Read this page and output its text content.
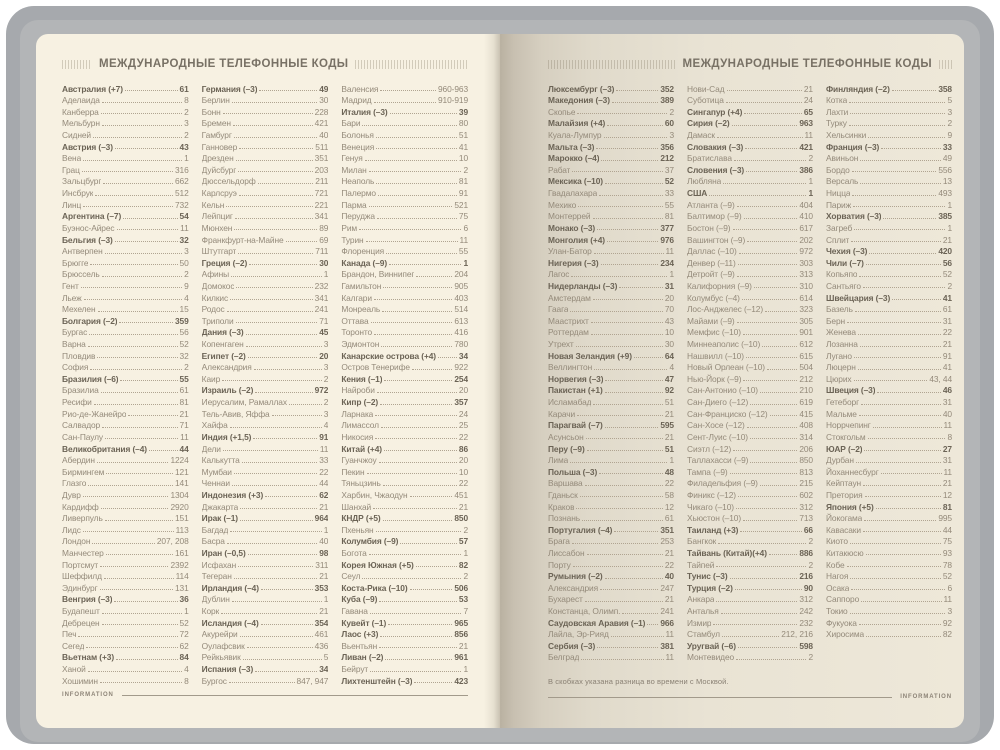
МЕЖДУНАРОДНЫЕ ТЕЛЕФОННЫЕ КОДЫ
Австралия (+7)	61
Аделаида	8
Канберра	2
Мельбурн	3
Сидней	2
Австрия (–3)	43
Вена	1
Грац	316
Зальцбург	662
Инсбрук	512
Линц	732
Аргентина (–7)	54
Буэнос-Айрес	11
Бельгия (–3)	32
Антверпен	3
Брюгге	50
Брюссель	2
Гент	9
Льеж	4
Мехелен	15
Болгария (–2)	359
Бургас	56
Варна	52
Пловдив	32
София	2
Бразилия (–6)	55
Бразилиа	61
Ресифи	81
Рио-де-Жанейро	21
Салвадор	71
Сан-Паулу	11
Великобритания (–4)	44
Абердин	1224
Бирмингем	121
Глазго	141
Дувр	1304
Кардифф	2920
Ливерпуль	151
Лидс	113
Лондон	207, 208
Манчестер	161
Портсмут	2392
Шеффилд	114
Эдинбург	131
Венгрия (–3)	36
Будапешт	1
Дебрецен	52
Печ	72
Сегед	62
Вьетнам (+3)	84
Ханой	4
Хошимин	8
Германия (–3)	49
Берлин	30
Бонн	228
Бремен	421
Гамбург	40
Ганновер	511
Дрезден	351
Дуйсбург	203
Дюссельдорф	211
Карлсруэ	721
Кельн	221
Лейпциг	341
Мюнхен	89
Франкфурт-на-Майне	69
Штутгарт	711
Греция (–2)	30
Афины	1
Домокос	232
Килкис	341
Родос	241
Триполи	71
Дания (–3)	45
Копенгаген	3
Египет (–2)	20
Александрия	3
Каир	2
Израиль (–2)	972
Иерусалим, Рамаллах	2
Тель-Авив, Яффа	3
Хайфа	4
Индия (+1,5)	91
Дели	11
Калькутта	33
Мумбаи	22
Ченнаи	44
Индонезия (+3)	62
Джакарта	21
Ирак (–1)	964
Багдад	1
Басра	40
Иран (–0,5)	98
Исфахан	311
Тегеран	21
Ирландия (–4)	353
Дублин	1
Корк	21
Исландия (–4)	354
Акурейри	461
Оулафсвик	436
Рейкьявик	5
Испания (–3)	34
Бургос	847, 947
Валенсия	960-963
Мадрид	910-919
Италия (–3)	39
Бари	80
Болонья	51
Венеция	41
Генуя	10
Милан	2
Неаполь	81
Палермо	91
Парма	521
Перуджа	75
Рим	6
Турин	11
Флоренция	55
Канада (–9)	1
Брандон, Виннипег	204
Гамильтон	905
Калгари	403
Монреаль	514
Оттава	613
Торонто	416
Эдмонтон	780
Канарские острова (+4)	34
Остров Тенерифе	922
Кения (–1)	254
Найроби	20
Кипр (–2)	357
Ларнака	24
Лимассол	25
Никосия	22
Китай (+4)	86
Гуанчжоу	20
Пекин	10
Тяньцзинь	22
Харбин, Чжаодун	451
Шанхай	21
КНДР (+5)	850
Пхеньян	2
Колумбия (–9)	57
Богота	1
Корея Южная (+5)	82
Сеул	2
Коста-Рика (–10)	506
Куба (–9)	53
Гавана	7
Кувейт (–1)	965
Лаос (+3)	856
Вьентьян	21
Ливан (–2)	961
Бейрут	1
Лихтенштейн (–3)	423
INFORMATION
МЕЖДУНАРОДНЫЕ ТЕЛЕФОННЫЕ КОДЫ
Люксембург (–3)	352
Македония (–3)	389
Скопье	2
Малайзия (+4)	60
Куала-Лумпур	3
Мальта (–3)	356
Марокко (–4)	212
Рабат	37
Мексика (–10)	52
Гвадалахара	33
Мехико	55
Монтеррей	81
Монако (–3)	377
Монголия (+4)	976
Улан-Батор	11
Нигерия (–3)	234
Лагос	1
Нидерланды (–3)	31
Амстердам	20
Гаага	70
Маастрихт	43
Роттердам	10
Утрехт	30
Новая Зеландия (+9)	64
Веллингтон	4
Норвегия (–3)	47
Пакистан (+1)	92
Исламабад	51
Карачи	21
Парагвай (–7)	595
Асунсьон	21
Перу (–9)	51
Лима	1
Польша (–3)	48
Варшава	22
Гданьск	58
Краков	12
Познань	61
Португалия (–4)	351
Брага	253
Лиссабон	21
Порту	22
Румыния (–2)	40
Александрия	247
Бухарест	21
Констанца, Олимп.	241
Саудовская Аравия (–1) 966
Лайла, Эр-Рияд	11
Сербия (–3)	381
Белград	11
Нови-Сад	21
Суботица	24
Сингапур (+4)	65
Сирия (–2)	963
Дамаск	11
Словакия (–3)	421
Братислава	2
Словения (–3)	386
Любляна	1
США	1
Атланта (–9)	404
Балтимор (–9)	410
Бостон (–9)	617
Вашингтон (–9)	202
Даллас (–10)	972
Денвер (–11)	303
Детройт (–9)	313
Калифорния (–9)	310
Колумбус (–4)	614
Лос-Анджелес (–12)	323
Майами (–9)	305
Мемфис (–10)	901
Миннеаполис (–10)	612
Нашвилл (–10)	615
Новый Орлеан (–10)	504
Нью-Йорк (–9)	212
Сан-Антонио (–10)	210
Сан-Диего (–12)	619
Сан-Франциско (–12)	415
Сан-Хосе (–12)	408
Сент-Луис (–10)	314
Сиэтл (–12)	206
Таллахасси (–9)	850
Тампа (–9)	813
Филадельфия (–9)	215
Финикс (–12)	602
Чикаго (–10)	312
Хьюстон (–10)	713
Таиланд (+3)	66
Бангкок	2
Тайвань (Китай)(+4)	886
Тайпей	2
Тунис (–3)	216
Турция (–2)	90
Анкара	312
Анталья	242
Измир	232
Стамбул	212, 216
Уругвай (–6)	598
Монтевидео	2
Финляндия (–2)	358
Котка	5
Лахти	3
Турку	2
Хельсинки	9
Франция (–3)	33
Авиньон	49
Бордо	556
Версаль	13
Ницца	493
Париж	1
Хорватия (–3)	385
Загреб	1
Сплит	21
Чехия (–3)	420
Чили (–7)	56
Копьяпо	52
Сантьяго	2
Швейцария (–3)	41
Базель	61
Берн	31
Женева	22
Лозанна	21
Лугано	91
Люцерн	41
Цюрих	43, 44
Швеция (–3)	46
Гетеборг	31
Мальме	40
Норрчепинг	11
Стокгольм	8
ЮАР (–2)	27
Дурбан	31
Йоханнесбург	11
Кейптаун	21
Претория	12
Япония (+5)	81
Йокогама	995
Кавасаки	44
Киото	75
Китакюсю	93
Кобе	78
Нагоя	52
Осака	6
Саппоро	11
Токио	3
Фукуока	92
Хиросима	82
В скобках указана разница во времени с Москвой.
INFORMATION
